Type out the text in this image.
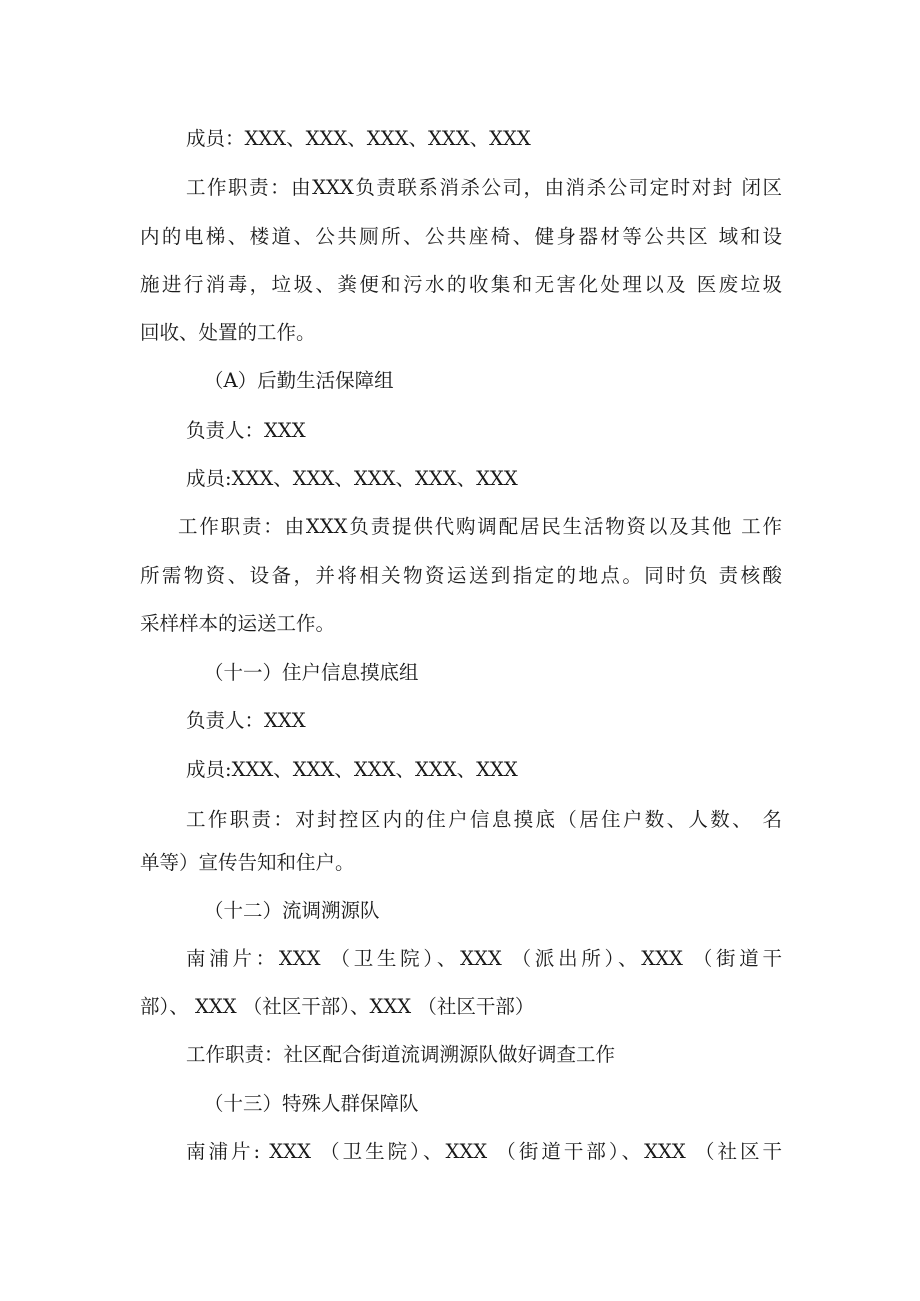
成员：XXX、XXX、XXX、XXX、XXX
工作职责：由XXX负责联系消杀公司，由消杀公司定时对封 闭区
内的电梯、楼道、公共厕所、公共座椅、健身器材等公共区 域和设
施进行消毒，垃圾、粪便和污水的收集和无害化处理以及 医废垃圾
回收、处置的工作。
（A）后勤生活保障组
负责人：XXX
成员:XXX、XXX、XXX、XXX、XXX
工作职责：由XXX负责提供代购调配居民生活物资以及其他 工作
所需物资、设备，并将相关物资运送到指定的地点。同时负 责核酸
采样样本的运送工作。
（十一）住户信息摸底组
负责人：XXX
成员:XXX、XXX、XXX、XXX、XXX
工作职责：对封控区内的住户信息摸底（居住户数、人数、 名
单等）宣传告知和住户。
（十二）流调溯源队
南浦片：XXX （卫生院）、XXX （派出所）、XXX （街道干
部）、 XXX （社区干部）、XXX （社区干部）
工作职责：社区配合街道流调溯源队做好调查工作
（十三）特殊人群保障队
南浦片: XXX （卫生院）、XXX （街道干部）、XXX （社区干
